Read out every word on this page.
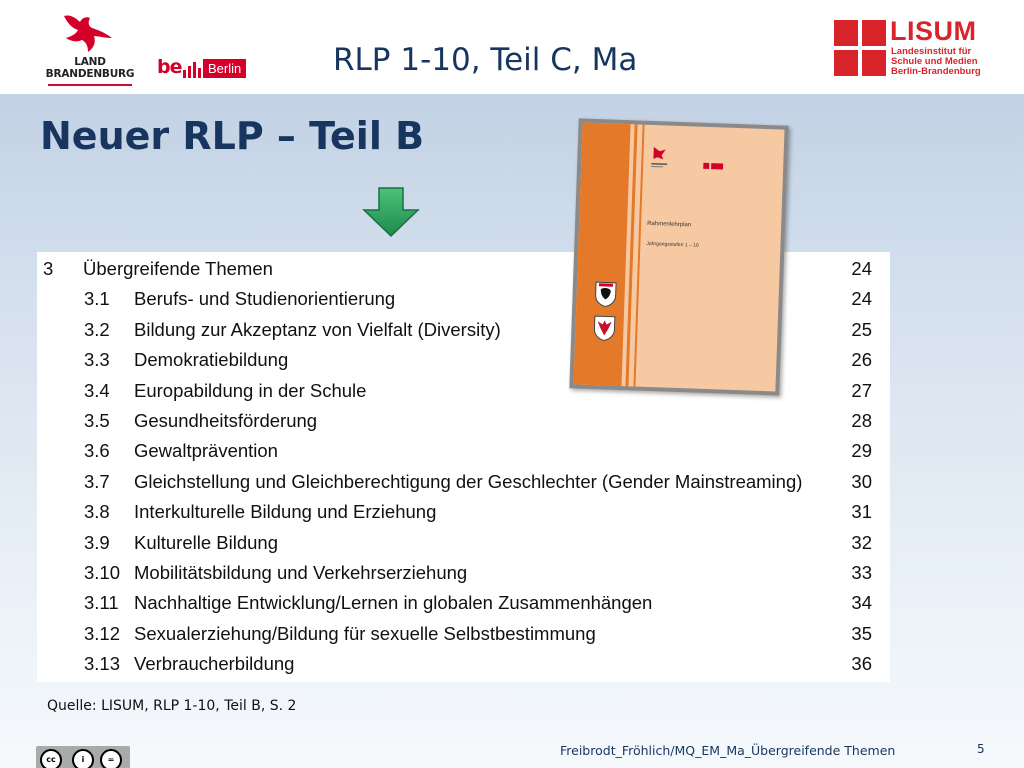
LAND
BRANDENBURG be	Berlin	RLP 1-10, Teil C, Ma
LISUM
Landesinstitut für
Schule und Medien
Berlin-Brandenburg
Neuer RLP – Teil B
3 Übergreifende Themen	24
3.1 Berufs- und Studienorientierung	24
3.2 Bildung zur Akzeptanz von Vielfalt (Diversity)	25
3.3 Demokratiebildung	26
3.4 Europabildung in der Schule	27
3.5 Gesundheitsförderung	28
3.6 Gewaltprävention	29
3.7 Gleichstellung und Gleichberechtigung der Geschlechter (Gender Mainstreaming)	30
3.8 Interkulturelle Bildung und Erziehung	31
3.9 Kulturelle Bildung	32
3.10 Mobilitätsbildung und Verkehrserziehung	33
3.11 Nachhaltige Entwicklung/Lernen in globalen Zusammenhängen	34
3.12 Sexualerziehung/Bildung für sexuelle Selbstbestimmung	35
3.13 Verbraucherbildung	36
Rahmenlehrplan
Jahrgangsstufen 1 – 10
Quelle: LISUM, RLP 1-10, Teil B, S. 2
cc	i	=
Freibrodt_Fröhlich/MQ_EM_Ma_Übergreifende Themen	5
